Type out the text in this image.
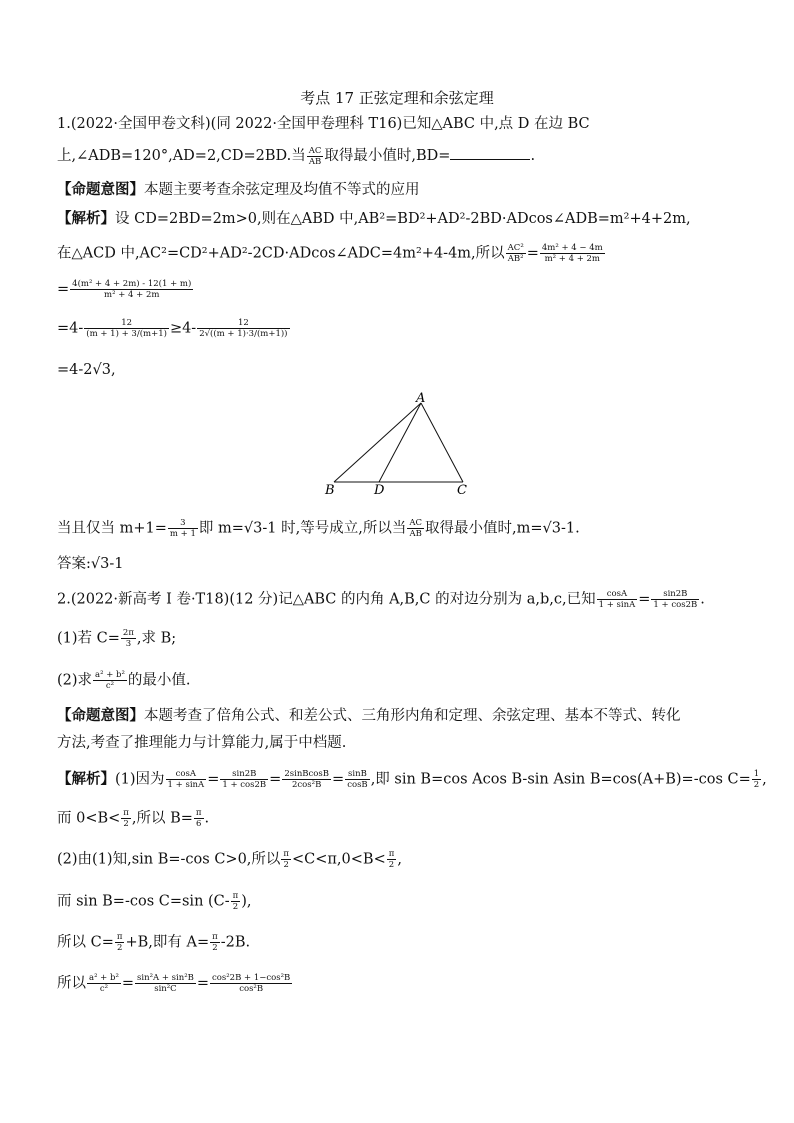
考点 17 正弦定理和余弦定理
1.(2022·全国甲卷文科)(同 2022·全国甲卷理科 T16)已知△ABC 中,点 D 在边 BC
上,∠ADB=120°,AD=2,CD=2BD.当 $\frac{AC}{AB}$ 取得最小值时,BD=	.
【命题意图】本题主要考查余弦定理及均值不等式的应用
【解析】设 CD=2BD=2m>0,则在△ABD 中,AB²=BD²+AD²-2BD·ADcos∠ADB=m²+4+2m,
在△ACD 中,AC²=CD²+AD²-2CD·ADcos∠ADC=4m²+4-4m,所以 $\frac{\text{AC²}}{\text{AB²}} = \frac{\text{4m² + 4 − 4m}}{\text{m² + 4 + 2m}}$
= $\frac{\text{4(m² + 4 + 2m) - 12(1 + m)}}{\text{m² + 4 + 2m}}$
$=4- \frac{12}{(m + 1) + 3/(m+1)} \ge 4- \frac{12}{2√((m + 1)\cdot 3/(m+1))}$
=4-2√3,
A
B	D	C
当且仅当 $m+1= \frac{3}{m + 1}$ 即 m=√3-1 时,等号成立,所以当 $\frac{AC}{AB}$ 取得最小值时,m=√3-1.
答案:√3-1
2.(2022·新高考 Ⅰ 卷·T18)(12 分)记△ABC 的内角 A,B,C 的对边分别为 a,b,c,已知 $\frac{\cos A}{1 + \sin A} = \frac{\sin 2B}{1 + \cos 2B}$ .
(1)若 $C= \frac{2\pi}{3}$ ,求 B;
(2)求 $\frac{\text{a² + b²}}{\text{c²}}$ 的最小值.
【命题意图】本题考查了倍角公式、和差公式、三角形内角和定理、余弦定理、基本不等式、转化
方法,考查了推理能力与计算能力,属于中档题.
【解析】(1)因为 $\frac{\cos A}{1 + \sin A} = \frac{\sin 2B}{1 + \cos 2B} = \frac{\text{2sinBcosB}}{\text{2cos²B}} = \frac{\sin B}{\cos B}$ ,即 sin B=cos Acos B-sin Asin B=cos(A+B)=-cos $C= \frac{1}{2}$ ,
而 $0<B< \frac{\pi}{2}$ ,所以 $B= \frac{\pi}{6}$ .
(2)由(1)知,sin B=-cos C>0,所以 $\frac{\pi}{2} <C<\pi,0<B< \frac{\pi}{2}$ ,
而 sin B=-cos C=sin ($C- \frac{\pi}{2}$ ),
所以 $C= \frac{\pi}{2} +B$,即有 $A= \frac{\pi}{2} -2B$.
所以 $\frac{\text{a² + b²}}{\text{c²}} = \frac{\text{sin²A + sin²B}}{\text{sin²C}} = \frac{\text{cos²2B + 1−cos²B}}{\text{cos²B}}$
